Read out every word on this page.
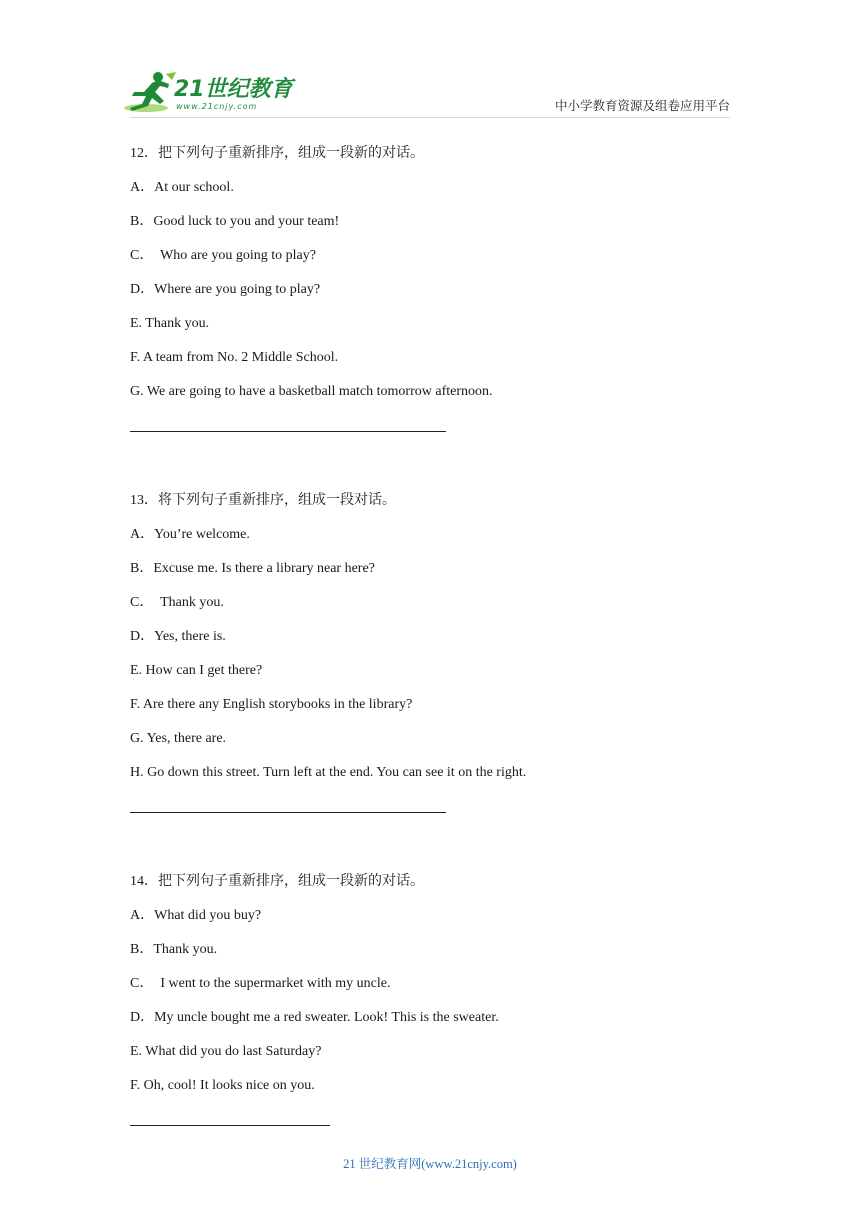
21世纪教育
www.21cnjy.com	中小学教育资源及组卷应用平台
12．把下列句子重新排序，组成一段新的对话。
A．At our school.
B．Good luck to you and your team!
C．  Who are you going to play?
D．Where are you going to play?
E. Thank you.
F. A team from No. 2 Middle School.
G. We are going to have a basketball match tomorrow afternoon.
13．将下列句子重新排序，组成一段对话。
A．You’re welcome.
B．Excuse me. Is there a library near here?
C．  Thank you.
D．Yes, there is.
E. How can I get there?
F. Are there any English storybooks in the library?
G. Yes, there are.
H. Go down this street. Turn left at the end. You can see it on the right.
14．把下列句子重新排序，组成一段新的对话。
A．What did you buy?
B．Thank you.
C．  I went to the supermarket with my uncle.
D．My uncle bought me a red sweater. Look! This is the sweater.
E. What did you do last Saturday?
F. Oh, cool! It looks nice on you.
21 世纪教育网(www.21cnjy.com)
